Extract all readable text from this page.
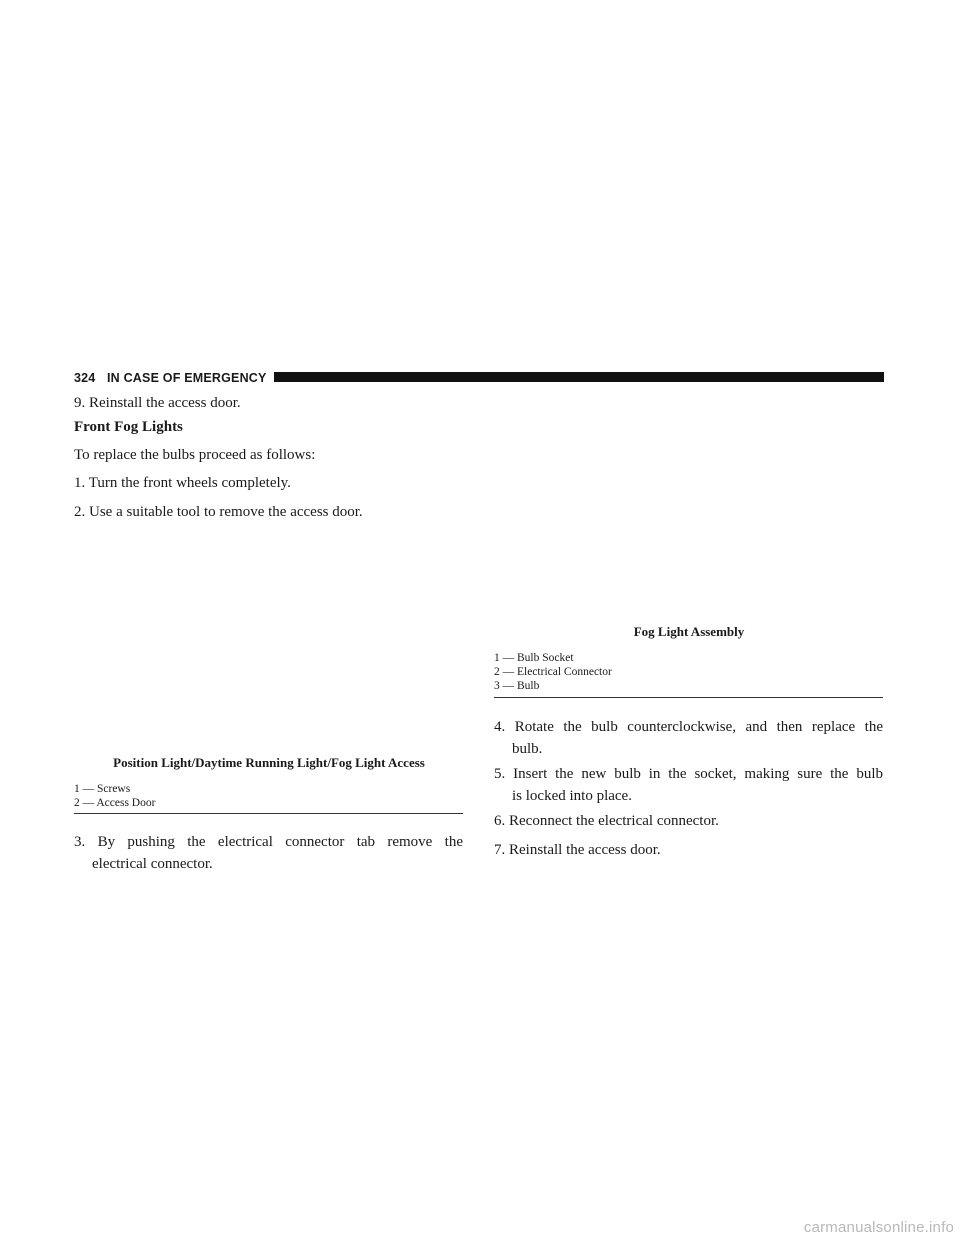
324 IN CASE OF EMERGENCY

9. Reinstall the access door.

Front Fog Lights

To replace the bulbs proceed as follows:

1. Turn the front wheels completely.

2. Use a suitable tool to remove the access door.

Position Light/Daytime Running Light/Fog Light Access
1 — Screws
2 — Access Door
3. By pushing the electrical connector tab remove the
electrical connector.
Fog Light Assembly
1 — Bulb Socket
2 — Electrical Connector
3 — Bulb
4. Rotate the bulb counterclockwise, and then replace the
bulb.
5. Insert the new bulb in the socket, making sure the bulb
is locked into place.

6. Reconnect the electrical connector.

7. Reinstall the access door.

carmanualsonline.info
